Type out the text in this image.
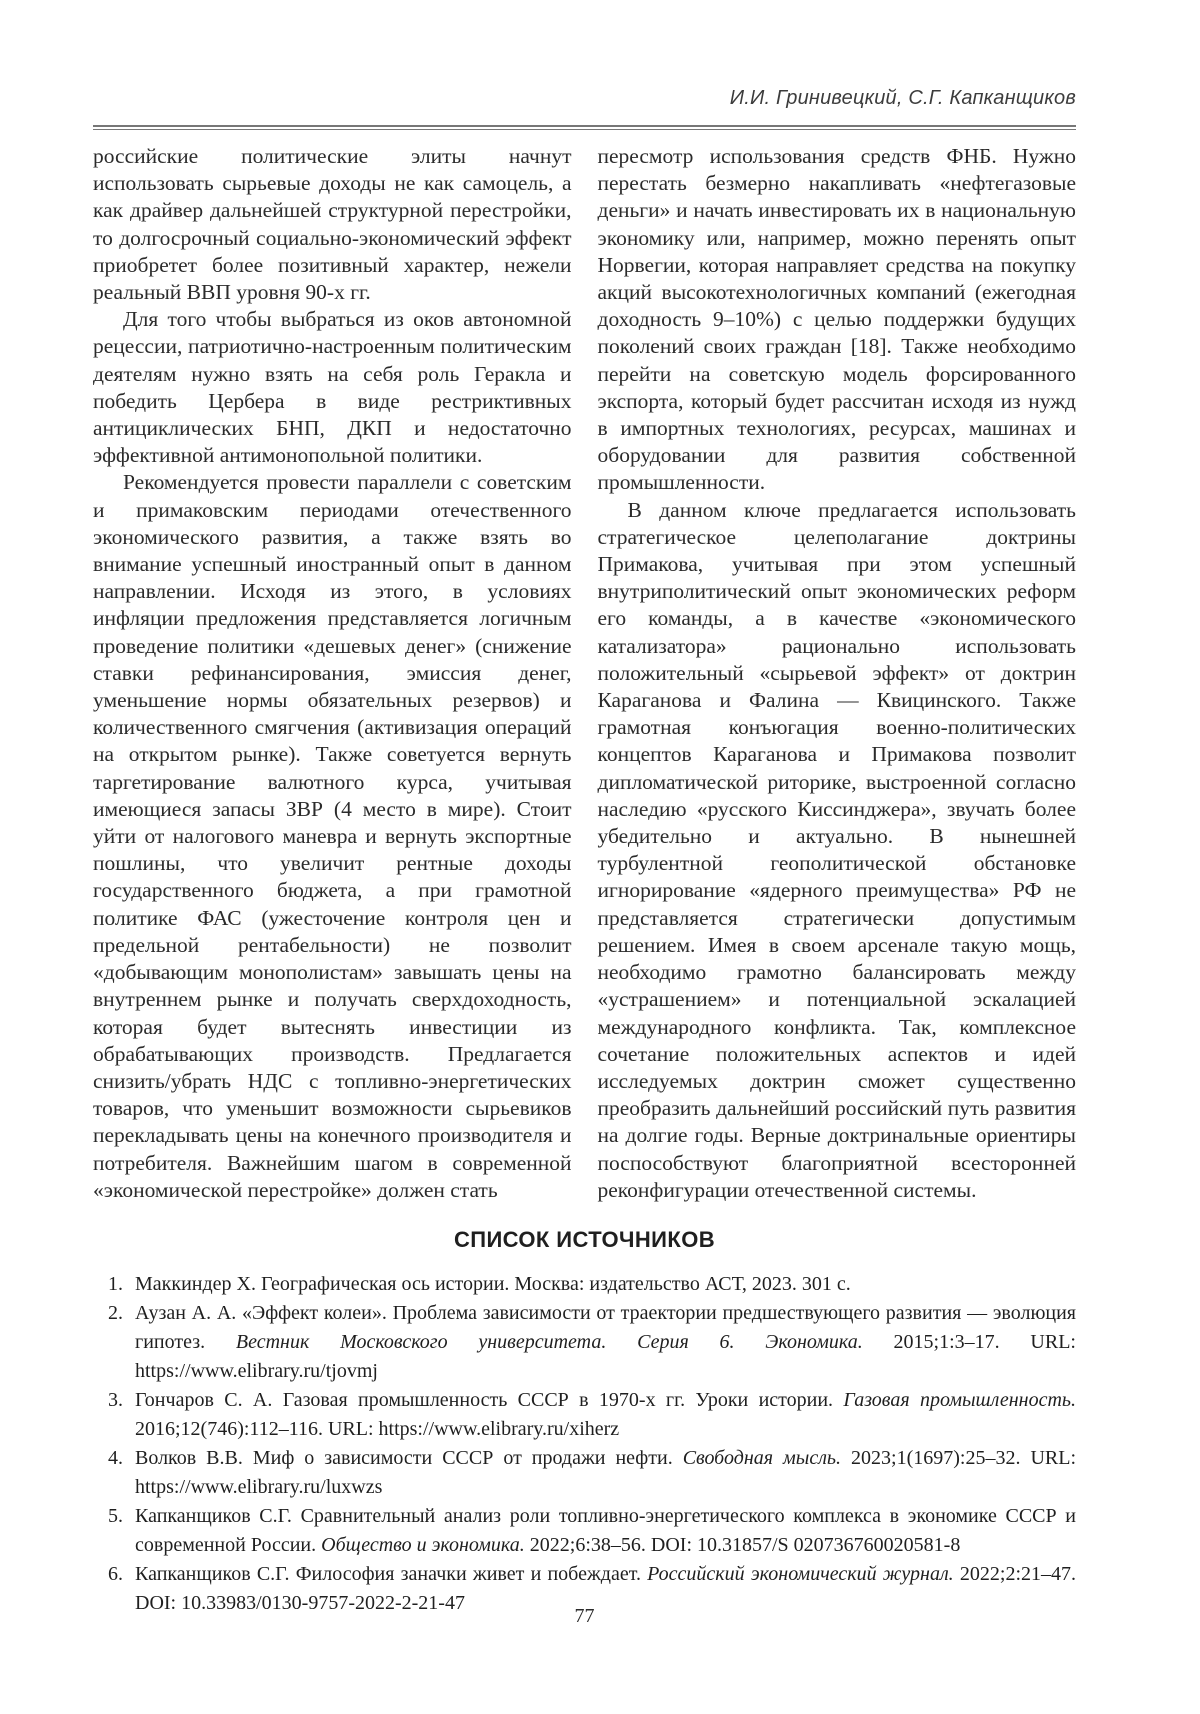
И.И. Гринивецкий, С.Г. Капканщиков

российские политические элиты начнут использовать сырьевые доходы не как самоцель, а как драйвер дальнейшей структурной перестройки, то долгосрочный социально-экономический эффект приобретет более позитивный характер, нежели реальный ВВП уровня 90-х гг.

Для того чтобы выбраться из оков автономной рецессии, патриотично-настроенным политическим деятелям нужно взять на себя роль Геракла и победить Цербера в виде рестриктивных антициклических БНП, ДКП и недостаточно эффективной антимонопольной политики.

Рекомендуется провести параллели с советским и примаковским периодами отечественного экономического развития, а также взять во внимание успешный иностранный опыт в данном направлении. Исходя из этого, в условиях инфляции предложения представляется логичным проведение политики «дешевых денег» (снижение ставки рефинансирования, эмиссия денег, уменьшение нормы обязательных резервов) и количественного смягчения (активизация операций на открытом рынке). Также советуется вернуть таргетирование валютного курса, учитывая имеющиеся запасы ЗВР (4 место в мире). Стоит уйти от налогового маневра и вернуть экспортные пошлины, что увеличит рентные доходы государственного бюджета, а при грамотной политике ФАС (ужесточение контроля цен и предельной рентабельности) не позволит «добывающим монополистам» завышать цены на внутреннем рынке и получать сверхдоходность, которая будет вытеснять инвестиции из обрабатывающих производств. Предлагается снизить/убрать НДС с топливно-энергетических товаров, что уменьшит возможности сырьевиков перекладывать цены на конечного производителя и потребителя. Важнейшим шагом в современной «экономической перестройке» должен стать

пересмотр использования средств ФНБ. Нужно перестать безмерно накапливать «нефтегазовые деньги» и начать инвестировать их в национальную экономику или, например, можно перенять опыт Норвегии, которая направляет средства на покупку акций высокотехнологичных компаний (ежегодная доходность 9–10%) с целью поддержки будущих поколений своих граждан [18]. Также необходимо перейти на советскую модель форсированного экспорта, который будет рассчитан исходя из нужд в импортных технологиях, ресурсах, машинах и оборудовании для развития собственной промышленности.

В данном ключе предлагается использовать стратегическое целеполагание доктрины Примакова, учитывая при этом успешный внутриполитический опыт экономических реформ его команды, а в качестве «экономического катализатора» рационально использовать положительный «сырьевой эффект» от доктрин Караганова и Фалина — Квицинского. Также грамотная конъюгация военно-политических концептов Караганова и Примакова позволит дипломатической риторике, выстроенной согласно наследию «русского Киссинджера», звучать более убедительно и актуально. В нынешней турбулентной геополитической обстановке игнорирование «ядерного преимущества» РФ не представляется стратегически допустимым решением. Имея в своем арсенале такую мощь, необходимо грамотно балансировать между «устрашением» и потенциальной эскалацией международного конфликта. Так, комплексное сочетание положительных аспектов и идей исследуемых доктрин сможет существенно преобразить дальнейший российский путь развития на долгие годы. Верные доктринальные ориентиры поспособствуют благоприятной всесторонней реконфигурации отечественной системы.

СПИСОК ИСТОЧНИКОВ
1. Маккиндер Х. Географическая ось истории. Москва: издательство АСТ, 2023. 301 с.
2. Аузан А. А. «Эффект колеи». Проблема зависимости от траектории предшествующего развития — эволюция гипотез. Вестник Московского университета. Серия 6. Экономика. 2015;1:3–17. URL: https://www.elibrary.ru/tjovmj
3. Гончаров С. А. Газовая промышленность СССР в 1970-х гг. Уроки истории. Газовая промышленность. 2016;12(746):112–116. URL: https://www.elibrary.ru/xiherz
4. Волков В.В. Миф о зависимости СССР от продажи нефти. Свободная мысль. 2023;1(1697):25–32. URL: https://www.elibrary.ru/luxwzs
5. Капканщиков С.Г. Сравнительный анализ роли топливно-энергетического комплекса в экономике СССР и современной России. Общество и экономика. 2022;6:38–56. DOI: 10.31857/S 020736760020581-8
6. Капканщиков С.Г. Философия заначки живет и побеждает. Российский экономический журнал. 2022;2:21–47. DOI: 10.33983/0130-9757-2022-2-21-47
77
